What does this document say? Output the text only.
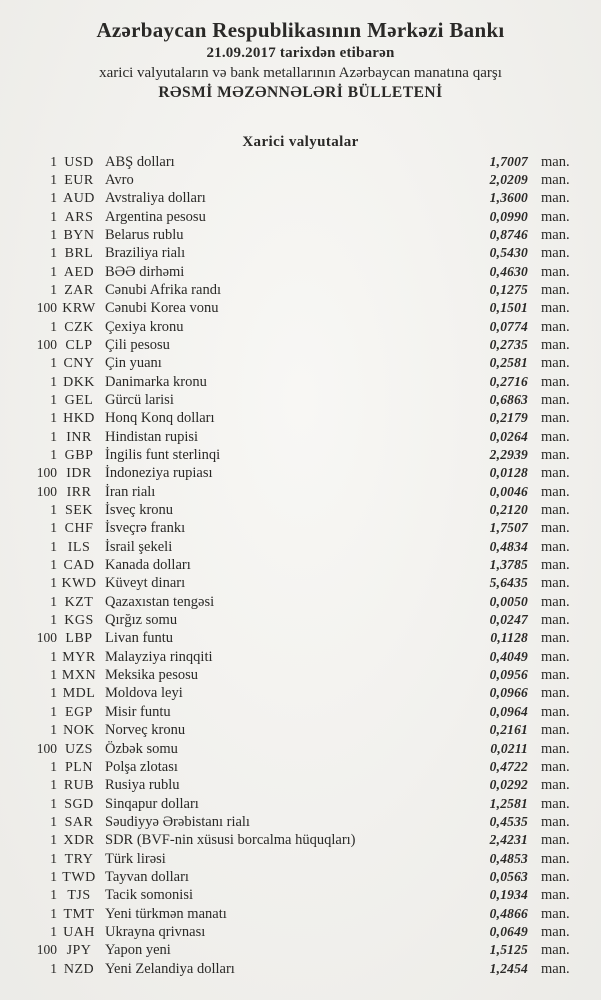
Azərbaycan Respublikasının Mərkəzi Bankı
21.09.2017 tarixdən etibarən
xarici valyutaların və bank metallarının Azərbaycan manatına qarşı
RƏSMİ MƏZƏNNƏLƏRİ BÜLLETENİ
Xarici valyutalar
1 USD ABŞ dolları	1,7007 man.
1 EUR Avro	2,0209 man.
1 AUD Avstraliya dolları	1,3600 man.
1 ARS Argentina pesosu	0,0990 man.
1 BYN Belarus rublu	0,8746 man.
1 BRL Braziliya rialı	0,5430 man.
1 AED BƏƏ dirhəmi	0,4630 man.
1 ZAR Cənubi Afrika randı	0,1275 man.
100 KRW Cənubi Korea vonu	0,1501 man.
1 CZK Çexiya kronu	0,0774 man.
100 CLP Çili pesosu	0,2735 man.
1 CNY Çin yuanı	0,2581 man.
1 DKK Danimarka kronu	0,2716 man.
1 GEL Gürcü larisi	0,6863 man.
1 HKD Honq Konq dolları	0,2179 man.
1 INR Hindistan rupisi	0,0264 man.
1 GBP İngilis funt sterlinqi	2,2939 man.
100 IDR İndoneziya rupiası	0,0128 man.
100 IRR İran rialı	0,0046 man.
1 SEK İsveç kronu	0,2120 man.
1 CHF İsveçrə frankı	1,7507 man.
1 ILS	İsrail şekeli	0,4834 man.
1 CAD Kanada dolları	1,3785 man.
1 KWD Küveyt dinarı	5,6435 man.
1 KZT Qazaxıstan tengəsi	0,0050 man.
1 KGS Qırğız somu	0,0247 man.
100 LBP Livan funtu	0,1128 man.
1 MYR Malayziya rinqqiti	0,4049 man.
1 MXN Meksika pesosu	0,0956 man.
1 MDL Moldova leyi	0,0966 man.
1 EGP Misir funtu	0,0964 man.
1 NOK Norveç kronu	0,2161 man.
100 UZS Özbək somu	0,0211 man.
1 PLN Polşa zlotası	0,4722 man.
1 RUB Rusiya rublu	0,0292 man.
1 SGD Sinqapur dolları	1,2581 man.
1 SAR Səudiyyə Ərəbistanı rialı	0,4535 man.
1 XDR SDR (BVF-nin xüsusi borcalma hüquqları)	2,4231 man.
1 TRY Türk lirəsi	0,4853 man.
1 TWD Tayvan dolları	0,0563 man.
1 TJS Tacik somonisi	0,1934 man.
1 TMT Yeni türkmən manatı	0,4866 man.
1 UAH Ukrayna qrivnası	0,0649 man.
100 JPY Yapon yeni	1,5125 man.
1 NZD Yeni Zelandiya dolları	1,2454 man.
